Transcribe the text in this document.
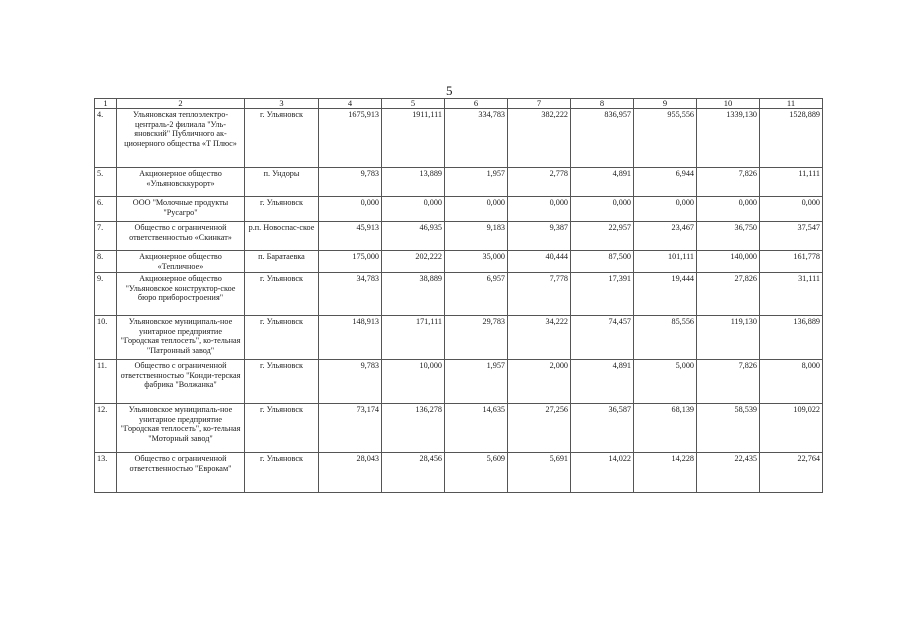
5
1	2	3	4	5	6	7	8	9	10	11
4.	Ульяновская теплоэлектро-централь-2 филиала "Уль-яновский" Публичного ак-ционерного общества «Т Плюс»	г. Ульяновск	1675,913	1911,111	334,783	382,222	836,957	955,556	1339,130	1528,889
5.	Акционерное общество «Ульяновсккурорт»	п. Ундоры	9,783	13,889	1,957	2,778	4,891	6,944	7,826	11,111
6.	ООО "Молочные продукты "Русагро"	г. Ульяновск	0,000	0,000	0,000	0,000	0,000	0,000	0,000	0,000
7.	Общество с ограниченной ответственностью «Скинкат»	р.п. Новоспас-ское	45,913	46,935	9,183	9,387	22,957	23,467	36,750	37,547
8.	Акционерное общество «Тепличное»	п. Баратаевка	175,000	202,222	35,000	40,444	87,500	101,111	140,000	161,778
9.	Акционерное общество "Ульяновское конструктор-ское бюро приборостроения"	г. Ульяновск	34,783	38,889	6,957	7,778	17,391	19,444	27,826	31,111
10.	Ульяновское муниципаль-ное унитарное предприятие "Городская теплосеть", ко-тельная "Патронный завод"	г. Ульяновск	148,913	171,111	29,783	34,222	74,457	85,556	119,130	136,889
11.	Общество с ограниченной ответственностью "Конди-терская фабрика "Волжанка"	г. Ульяновск	9,783	10,000	1,957	2,000	4,891	5,000	7,826	8,000
12.	Ульяновское муниципаль-ное унитарное предприятие "Городская теплосеть", ко-тельная "Моторный завод"	г. Ульяновск	73,174	136,278	14,635	27,256	36,587	68,139	58,539	109,022
13.	Общество с ограниченной ответственностью "Еврокам"	г. Ульяновск	28,043	28,456	5,609	5,691	14,022	14,228	22,435	22,764
